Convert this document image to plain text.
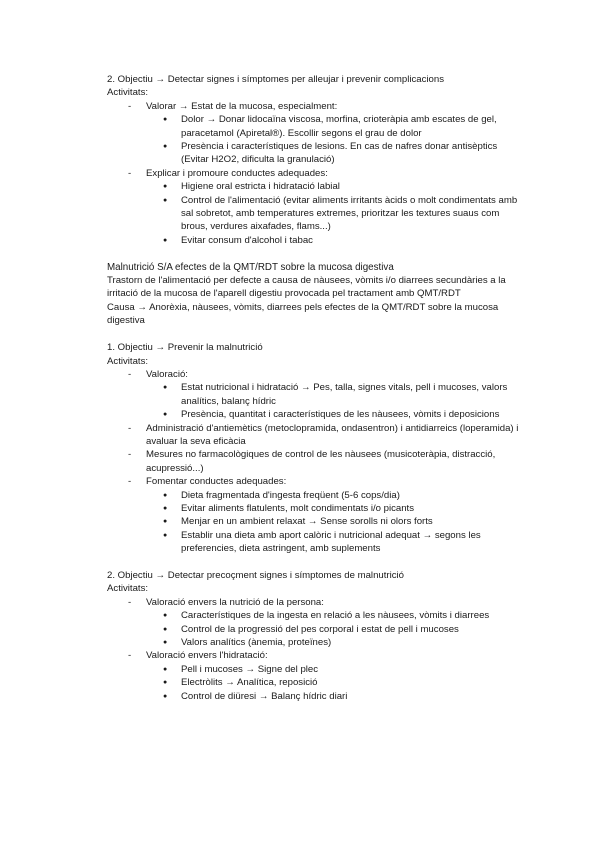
2. Objectiu → Detectar signes i símptomes per alleujar i prevenir complicacions
Activitats:
- Valorar → Estat de la mucosa, especialment:
● Dolor → Donar lidocaïna viscosa, morfina, crioteràpia amb escates de gel, paracetamol (Apiretal®). Escollir segons el grau de dolor
● Presència i característiques de lesions. En cas de nafres donar antisèptics (Evitar H2O2, dificulta la granulació)
- Explicar i promoure conductes adequades:
● Higiene oral estricta i hidratació labial
● Control de l'alimentació (evitar aliments irritants àcids o molt condimentats amb sal sobretot, amb temperatures extremes, prioritzar les textures suaus com brous, verdures aixafades, flams...)
● Evitar consum d'alcohol i tabac
Malnutrició S/A efectes de la QMT/RDT sobre la mucosa digestiva
Trastorn de l'alimentació per defecte a causa de nàusees, vòmits i/o diarrees secundàries a la irritació de la mucosa de l'aparell digestiu provocada pel tractament amb QMT/RDT
Causa → Anorèxia, nàusees, vòmits, diarrees pels efectes de la QMT/RDT sobre la mucosa digestiva
1. Objectiu → Prevenir la malnutrició
Activitats:
- Valoració:
● Estat nutricional i hidratació → Pes, talla, signes vitals, pell i mucoses, valors analítics, balanç hídric
● Presència, quantitat i característiques de les nàusees, vòmits i deposicions
- Administració d'antiemètics (metoclopramida, ondasentron) i antidiarreics (loperamida) i avaluar la seva eficàcia
- Mesures no farmacològiques de control de les nàusees (musicoteràpia, distracció, acupressió...)
- Fomentar conductes adequades:
● Dieta fragmentada d'ingesta freqüent (5-6 cops/dia)
● Evitar aliments flatulents, molt condimentats i/o picants
● Menjar en un ambient relaxat → Sense sorolls ni olors forts
● Establir una dieta amb aport calòric i nutricional adequat → segons les preferencies, dieta astringent, amb suplements
2. Objectiu → Detectar precoçment signes i símptomes de malnutrició
Activitats:
- Valoració envers la nutrició de la persona:
● Característiques de la ingesta en relació a les nàusees, vòmits i diarrees
● Control de la progressió del pes corporal i estat de pell i mucoses
● Valors analítics (ànemia, proteïnes)
- Valoració envers l'hidratació:
● Pell i mucoses → Signe del plec
● Electròlits → Analítica, reposició
● Control de diüresi → Balanç hídric diari
